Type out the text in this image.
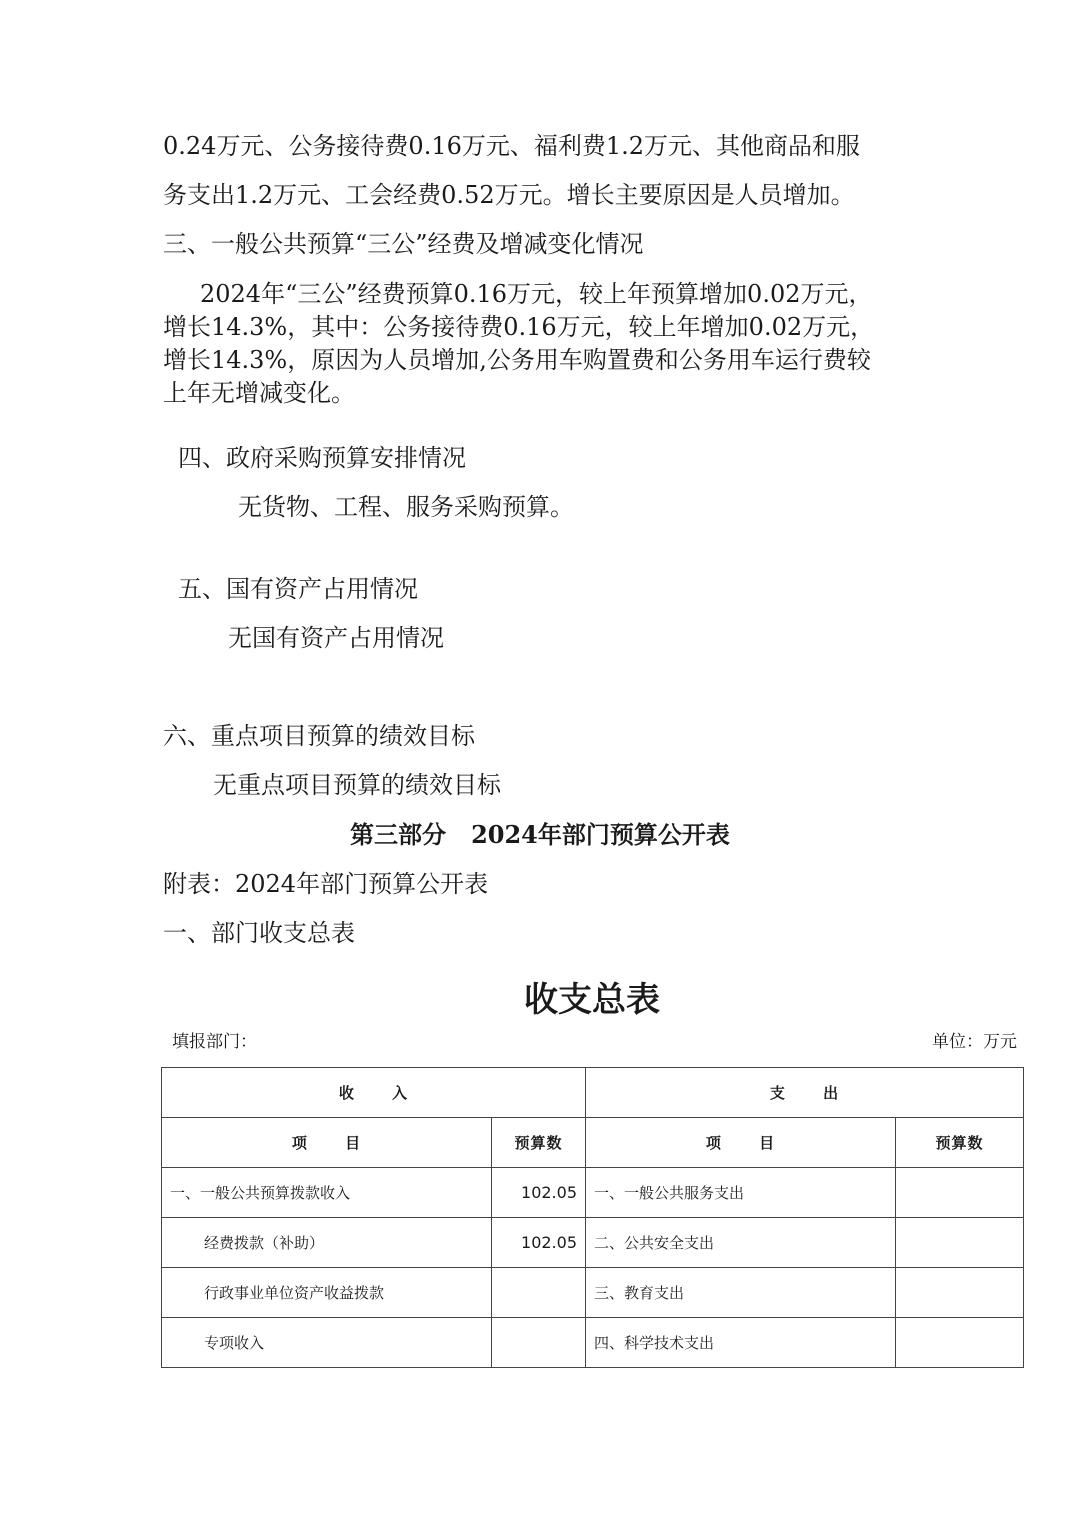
0.24万元、公务接待费0.16万元、福利费1.2万元、其他商品和服
务支出1.2万元、工会经费0.52万元。增长主要原因是人员增加。
三、一般公共预算“三公”经费及增减变化情况
2024年“三公”经费预算0.16万元，较上年预算增加0.02万元，
增长14.3%，其中：公务接待费0.16万元，较上年增加0.02万元，
增长14.3%，原因为人员增加,公务用车购置费和公务用车运行费较
上年无增减变化。
四、政府采购预算安排情况
无货物、工程、服务采购预算。
五、国有资产占用情况
无国有资产占用情况
六、重点项目预算的绩效目标
无重点项目预算的绩效目标
第三部分   2024年部门预算公开表
附表：2024年部门预算公开表
一、部门收支总表
收支总表
填报部门：	单位：万元
收      入		支      出	
项      目	预算数	项      目	预算数
一、一般公共预算拨款收入	102.05	一、一般公共服务支出	
经费拨款（补助）	102.05	二、公共安全支出	
行政事业单位资产收益拨款		三、教育支出	
专项收入		四、科学技术支出	
